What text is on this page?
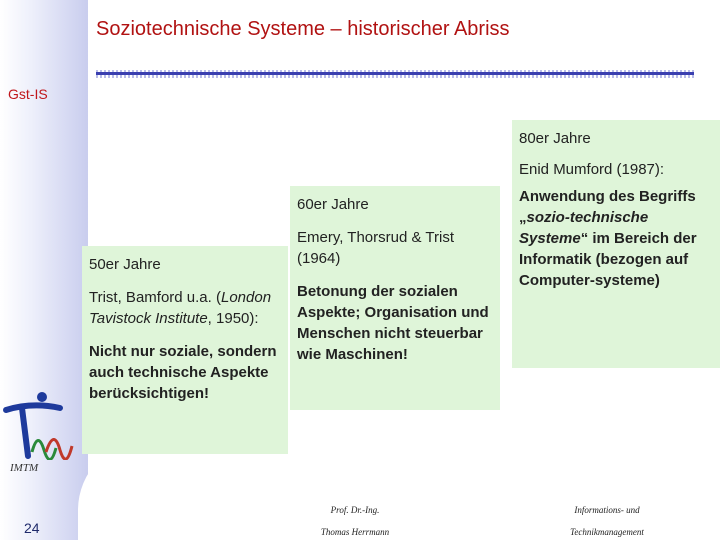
Soziotechnische Systeme – historischer Abriss
Gst-IS

50er Jahre

Trist, Bamford u.a. (London Tavistock Institute, 1950):

Nicht nur soziale, sondern auch technische Aspekte berücksichtigen!

60er Jahre

Emery, Thorsrud & Trist (1964)

Betonung der sozialen Aspekte; Organisation und Menschen nicht steuerbar wie Maschinen!

80er Jahre

Enid Mumford (1987):

Anwendung des Begriffs „sozio-technische Systeme“ im Bereich der Informatik (bezogen auf Computer-systeme)

IMTM
24
Prof. Dr.-Ing.
Thomas Herrmann
Informations- und
Technikmanagement
